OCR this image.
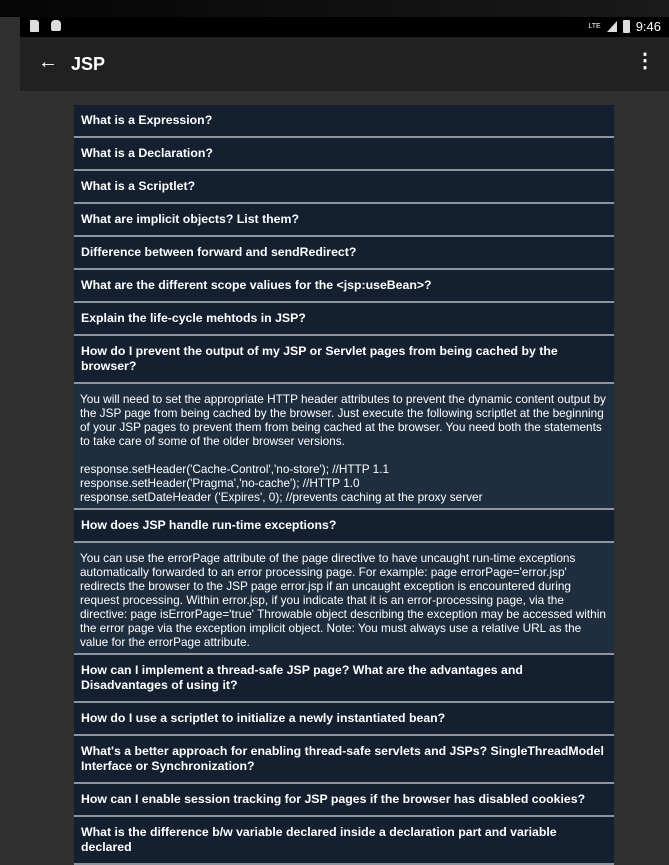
LTE	9:46
← JSP	⋮
What is a Expression?
What is a Declaration?
What is a Scriptlet?
What are implicit objects? List them?
Difference between forward and sendRedirect?
What are the different scope valiues for the <jsp:useBean>?
Explain the life-cycle mehtods in JSP?
How do I prevent the output of my JSP or Servlet pages from being cached by the browser?
You will need to set the appropriate HTTP header attributes to prevent the dynamic content output by the JSP page from being cached by the browser. Just execute the following scriptlet at the beginning of your JSP pages to prevent them from being cached at the browser. You need both the statements to take care of some of the older browser versions.

response.setHeader('Cache-Control','no-store'); //HTTP 1.1
response.setHeader('Pragma','no-cache'); //HTTP 1.0
response.setDateHeader ('Expires', 0); //prevents caching at the proxy server
How does JSP handle run-time exceptions?
You can use the errorPage attribute of the page directive to have uncaught run-time exceptions automatically forwarded to an error processing page. For example: page errorPage='error.jsp' redirects the browser to the JSP page error.jsp if an uncaught exception is encountered during request processing. Within error.jsp, if you indicate that it is an error-processing page, via the directive: page isErrorPage='true' Throwable object describing the exception may be accessed within the error page via the exception implicit object. Note: You must always use a relative URL as the value for the errorPage attribute.
How can I implement a thread-safe JSP page? What are the advantages and Disadvantages of using it?
How do I use a scriptlet to initialize a newly instantiated bean?
What's a better approach for enabling thread-safe servlets and JSPs? SingleThreadModel Interface or Synchronization?
How can I enable session tracking for JSP pages if the browser has disabled cookies?
What is the difference b/w variable declared inside a declaration part and variable declared
